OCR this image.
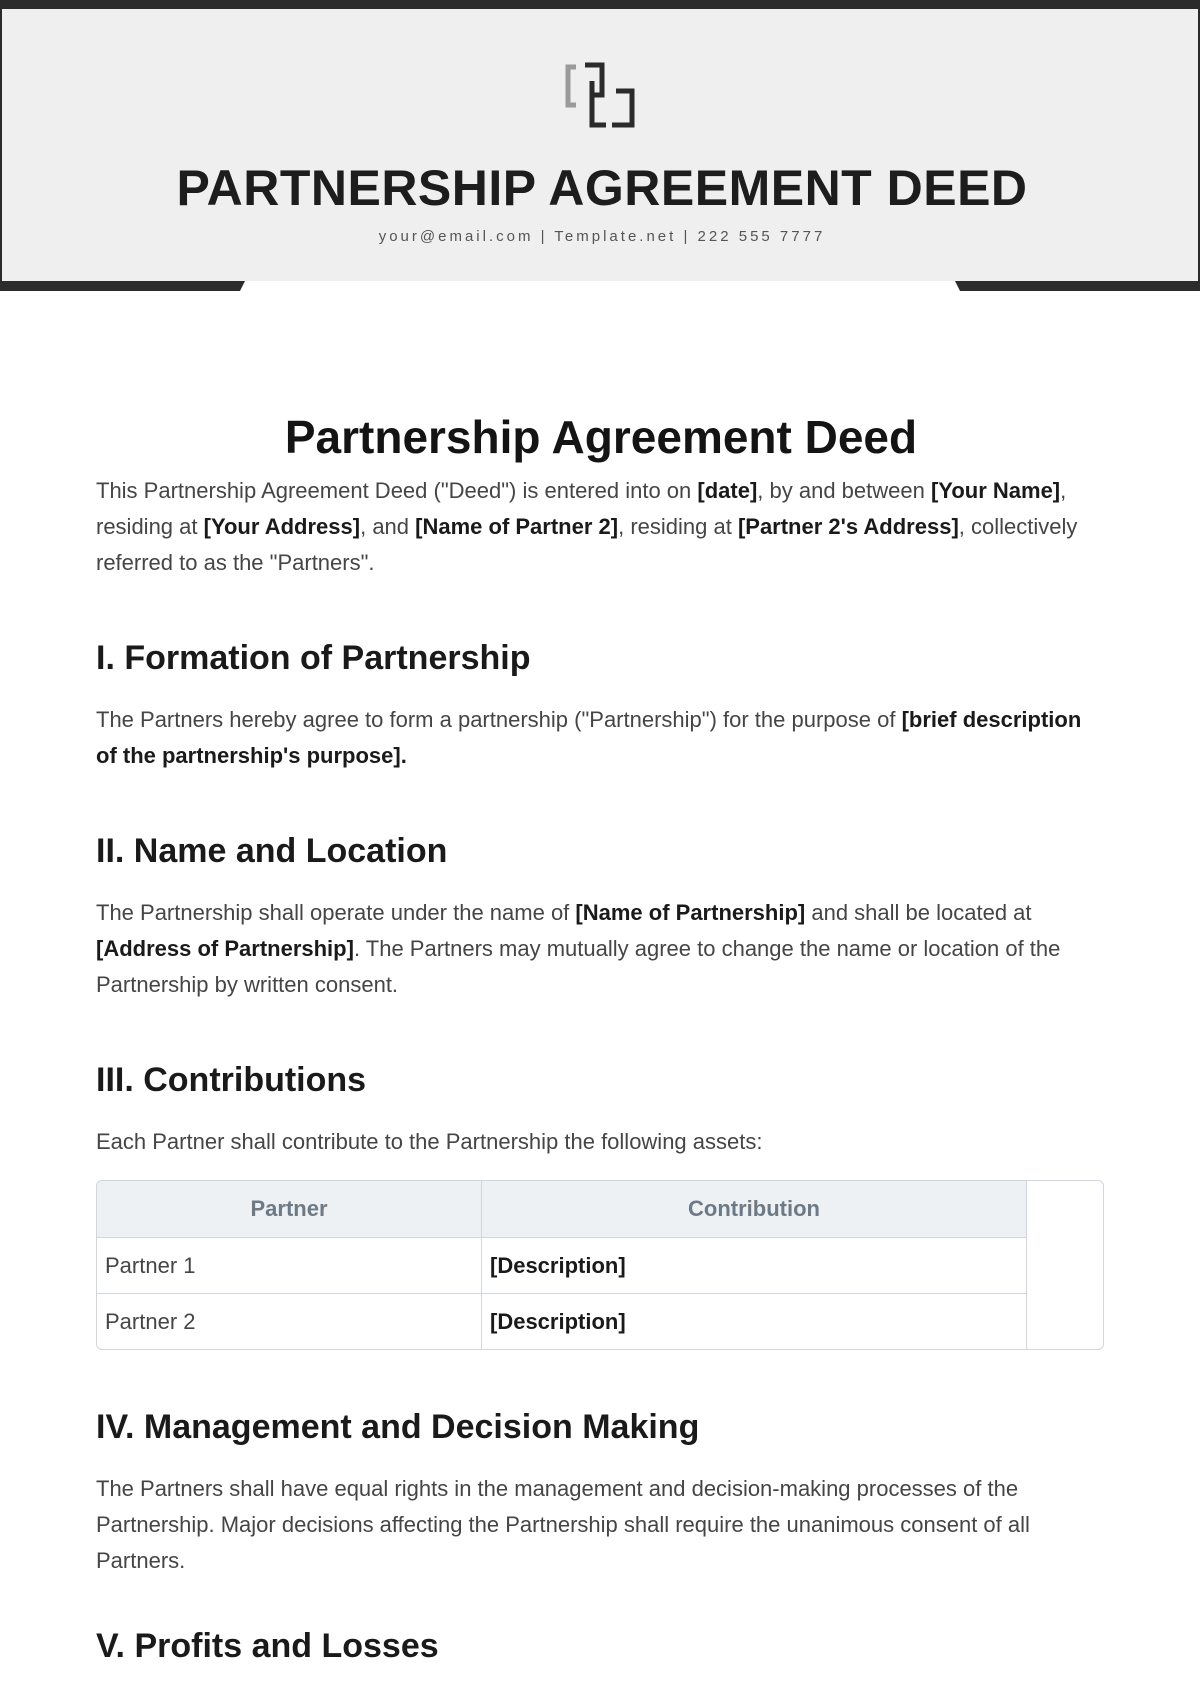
PARTNERSHIP AGREEMENT DEED
your@email.com | Template.net | 222 555 7777
Partnership Agreement Deed

This Partnership Agreement Deed ("Deed") is entered into on [date], by and between [Your Name], residing at [Your Address], and [Name of Partner 2], residing at [Partner 2's Address], collectively referred to as the "Partners".

I. Formation of Partnership

The Partners hereby agree to form a partnership ("Partnership") for the purpose of [brief description of the partnership's purpose].

II. Name and Location

The Partnership shall operate under the name of [Name of Partnership] and shall be located at [Address of Partnership]. The Partners may mutually agree to change the name or location of the Partnership by written consent.

III. Contributions

Each Partner shall contribute to the Partnership the following assets:

Partner	Contribution
Partner 1	[Description]
Partner 2	[Description]
IV. Management and Decision Making

The Partners shall have equal rights in the management and decision-making processes of the Partnership. Major decisions affecting the Partnership shall require the unanimous consent of all Partners.

V. Profits and Losses
